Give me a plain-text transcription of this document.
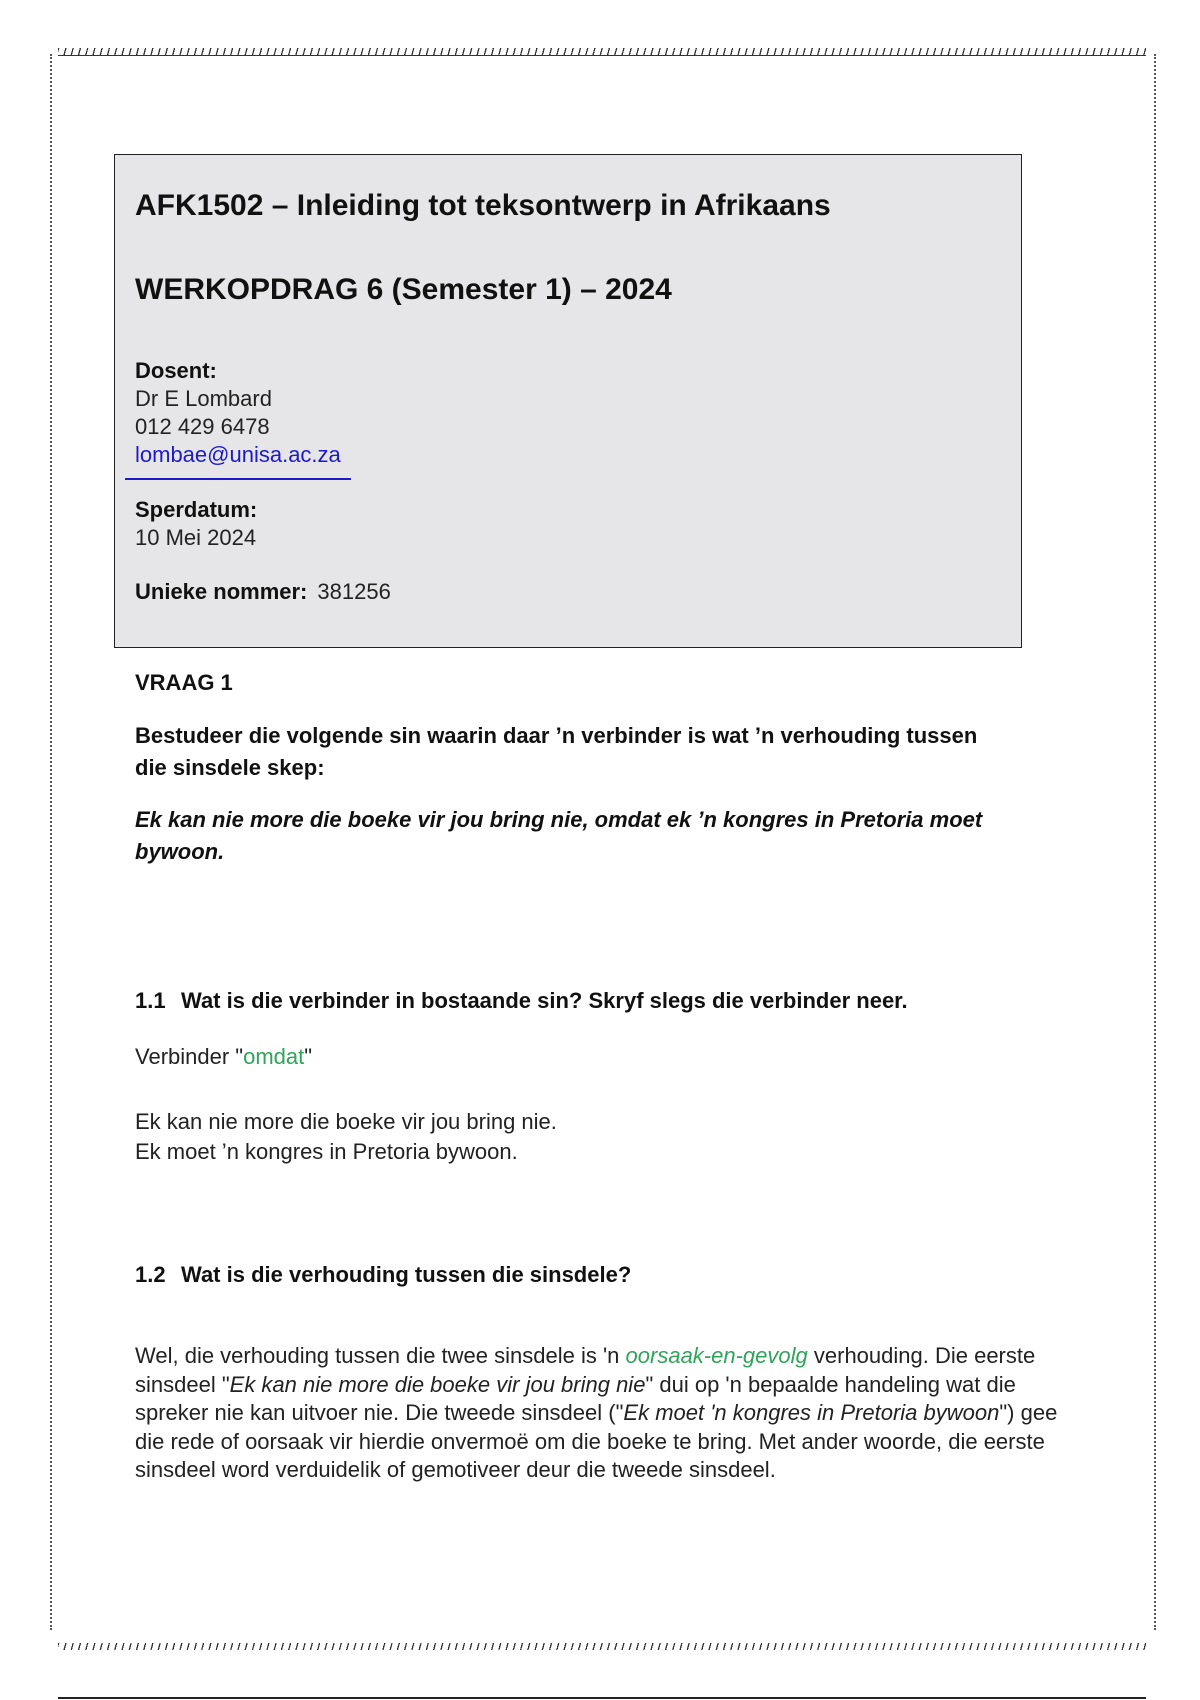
AFK1502 – Inleiding tot teksontwerp in Afrikaans
WERKOPDRAG 6 (Semester 1) – 2024
Dosent:
Dr E Lombard
012 429 6478
lombae@unisa.ac.za
Sperdatum:
10 Mei 2024
Unieke nommer: 381256
VRAAG 1
Bestudeer die volgende sin waarin daar ’n verbinder is wat ’n verhouding tussen die sinsdele skep:
Ek kan nie more die boeke vir jou bring nie, omdat ek ’n kongres in Pretoria moet bywoon.
1.1 Wat is die verbinder in bostaande sin? Skryf slegs die verbinder neer.
Verbinder "omdat"
Ek kan nie more die boeke vir jou bring nie.
Ek moet ’n kongres in Pretoria bywoon.
1.2 Wat is die verhouding tussen die sinsdele?
Wel, die verhouding tussen die twee sinsdele is 'n oorsaak-en-gevolg verhouding. Die eerste sinsdeel "Ek kan nie more die boeke vir jou bring nie" dui op 'n bepaalde handeling wat die spreker nie kan uitvoer nie. Die tweede sinsdeel ("Ek moet 'n kongres in Pretoria bywoon") gee die rede of oorsaak vir hierdie onvermoë om die boeke te bring. Met ander woorde, die eerste sinsdeel word verduidelik of gemotiveer deur die tweede sinsdeel.
